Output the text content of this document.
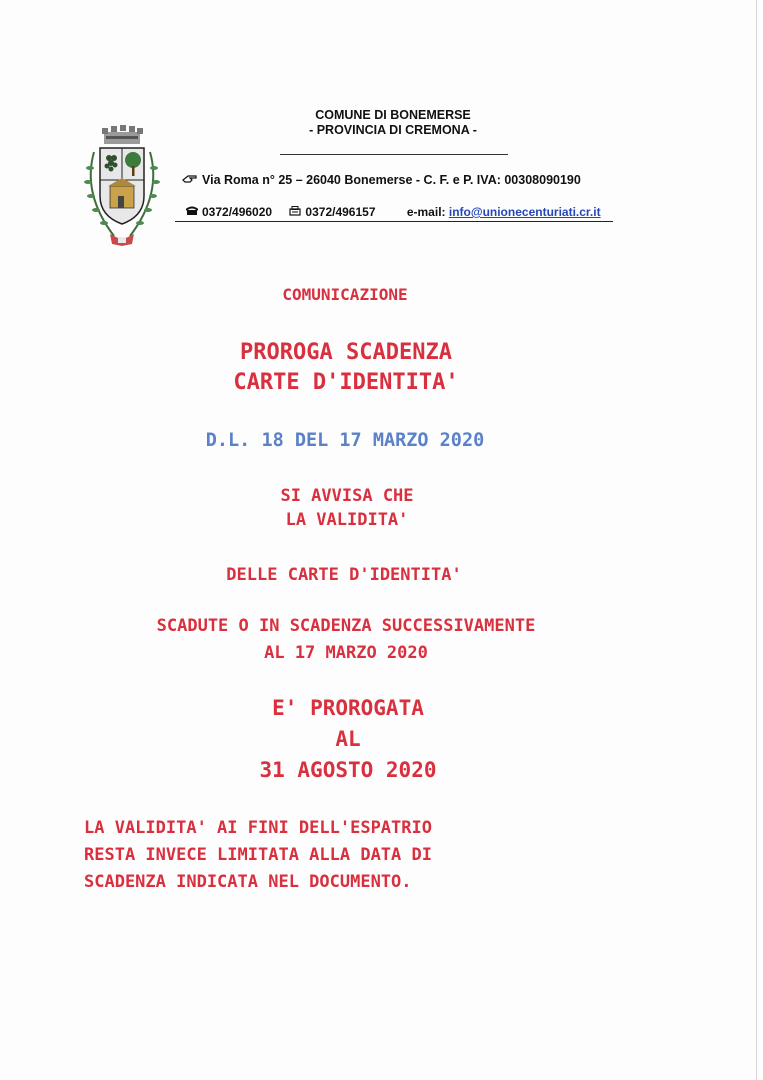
COMUNE DI BONEMERSE
- PROVINCIA DI CREMONA -
Via Roma n° 25 – 26040 Bonemerse - C. F. e P. IVA: 00308090190
0372/496020	0372/496157	e-mail: info@unionecenturiati.cr.it
COMUNICAZIONE
PROROGA SCADENZA
CARTE D'IDENTITA'
D.L. 18 DEL 17 MARZO 2020
SI AVVISA CHE
LA VALIDITA'
DELLE CARTE D'IDENTITA'
SCADUTE O IN SCADENZA SUCCESSIVAMENTE
AL 17 MARZO 2020
E' PROROGATA
AL
31 AGOSTO 2020
LA VALIDITA' AI FINI DELL'ESPATRIO
RESTA INVECE LIMITATA ALLA DATA DI
SCADENZA INDICATA NEL DOCUMENTO.
